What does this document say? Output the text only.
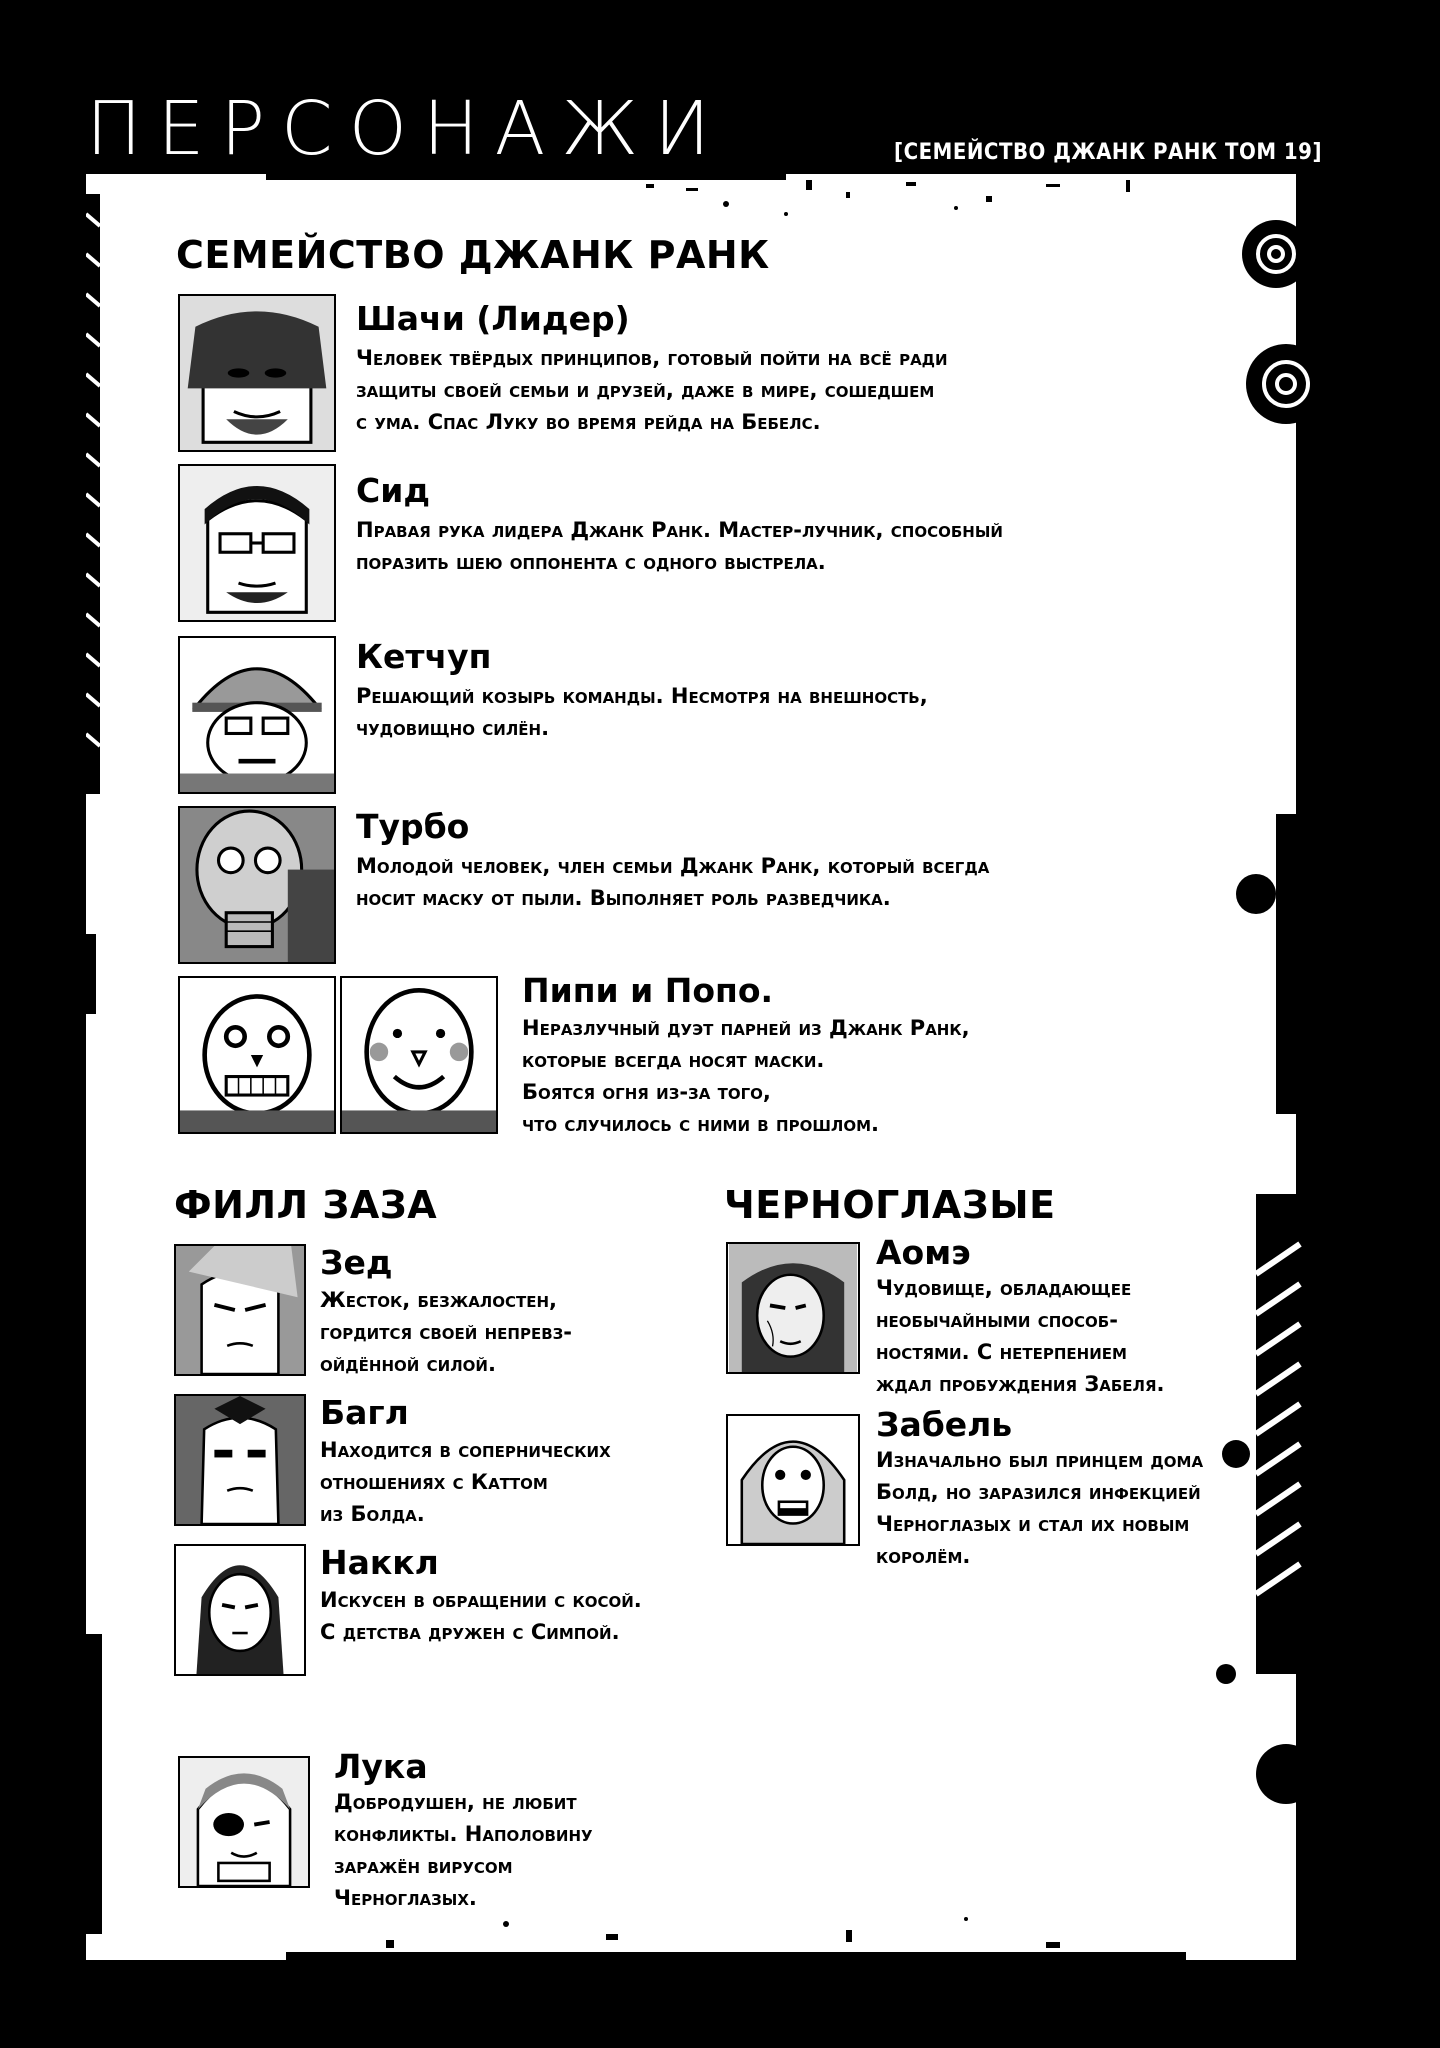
ПЕРСОНАЖИ	[СЕМЕЙСТВО ДЖАНК РАНК ТОМ 19]
СЕМЕЙСТВО ДЖАНК РАНК
Шачи (Лидер)
Человек твёрдых принципов, готовый пойти на всё ради
защиты своей семьи и друзей, даже в мире, сошедшем
с ума. Спас Луку во время рейда на Бебелс.
Сид
Правая рука лидера Джанк Ранк. Мастер-лучник, способный
поразить шею оппонента с одного выстрела.
Кетчуп
Решающий козырь команды. Несмотря на внешность,
чудовищно силён.
Турбо
Молодой человек, член семьи Джанк Ранк, который всегда
носит маску от пыли. Выполняет роль разведчика.
Пипи и Попо.
Неразлучный дуэт парней из Джанк Ранк,
которые всегда носят маски.
Боятся огня из-за того,
что случилось с ними в прошлом.
ФИЛЛ ЗАЗА
Зед
Жесток, безжалостен,
гордится своей непревз-
ойдённой силой.
Багл
Находится в сопернических
отношениях с Каттом
из Болда.
Наккл
Искусен в обращении с косой.
С детства дружен с Симпой.
ЧЕРНОГЛАЗЫЕ
Аомэ
Чудовище, обладающее
необычайными способ-
ностями. С нетерпением
ждал пробуждения Забеля.
Забель
Изначально был принцем дома
Болд, но заразился инфекцией
Черноглазых и стал их новым
королём.
Лука
Добродушен, не любит
конфликты. Наполовину
заражён вирусом
Черноглазых.
